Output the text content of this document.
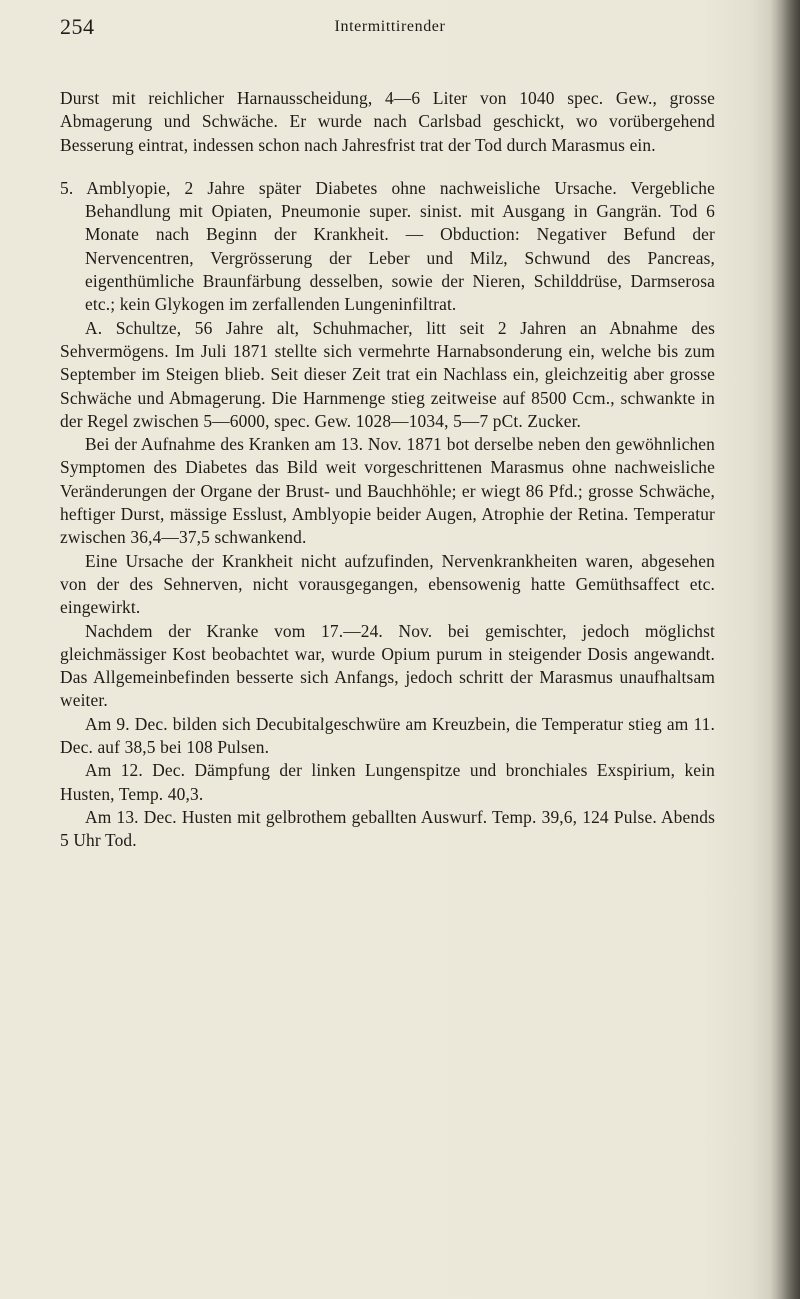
254	Intermittirender

Durst mit reichlicher Harnausscheidung, 4—6 Liter von 1040 spec. Gew., grosse Abmagerung und Schwäche. Er wurde nach Carlsbad geschickt, wo vorübergehend Besserung eintrat, indessen schon nach Jahresfrist trat der Tod durch Marasmus ein.

5. Amblyopie, 2 Jahre später Diabetes ohne nachweisliche Ursache. Vergebliche Behandlung mit Opiaten, Pneumonie super. sinist. mit Ausgang in Gangrän. Tod 6 Monate nach Beginn der Krankheit. — Obduction: Negativer Befund der Nervencentren, Vergrösserung der Leber und Milz, Schwund des Pancreas, eigenthümliche Braunfärbung desselben, sowie der Nieren, Schilddrüse, Darmserosa etc.; kein Glykogen im zerfallenden Lungeninfiltrat.

A. Schultze, 56 Jahre alt, Schuhmacher, litt seit 2 Jahren an Abnahme des Sehvermögens. Im Juli 1871 stellte sich vermehrte Harnabsonderung ein, welche bis zum September im Steigen blieb. Seit dieser Zeit trat ein Nachlass ein, gleichzeitig aber grosse Schwäche und Abmagerung. Die Harnmenge stieg zeitweise auf 8500 Ccm., schwankte in der Regel zwischen 5—6000, spec. Gew. 1028—1034, 5—7 pCt. Zucker.

Bei der Aufnahme des Kranken am 13. Nov. 1871 bot derselbe neben den gewöhnlichen Symptomen des Diabetes das Bild weit vorgeschrittenen Marasmus ohne nachweisliche Veränderungen der Organe der Brust- und Bauchhöhle; er wiegt 86 Pfd.; grosse Schwäche, heftiger Durst, mässige Esslust, Amblyopie beider Augen, Atrophie der Retina. Temperatur zwischen 36,4—37,5 schwankend.

Eine Ursache der Krankheit nicht aufzufinden, Nervenkrankheiten waren, abgesehen von der des Sehnerven, nicht vorausgegangen, ebensowenig hatte Gemüthsaffect etc. eingewirkt.

Nachdem der Kranke vom 17.—24. Nov. bei gemischter, jedoch möglichst gleichmässiger Kost beobachtet war, wurde Opium purum in steigender Dosis angewandt. Das Allgemeinbefinden besserte sich Anfangs, jedoch schritt der Marasmus unaufhaltsam weiter.

Am 9. Dec. bilden sich Decubitalgeschwüre am Kreuzbein, die Temperatur stieg am 11. Dec. auf 38,5 bei 108 Pulsen.

Am 12. Dec. Dämpfung der linken Lungenspitze und bronchiales Exspirium, kein Husten, Temp. 40,3.

Am 13. Dec. Husten mit gelbrothem geballten Auswurf. Temp. 39,6, 124 Pulse. Abends 5 Uhr Tod.
